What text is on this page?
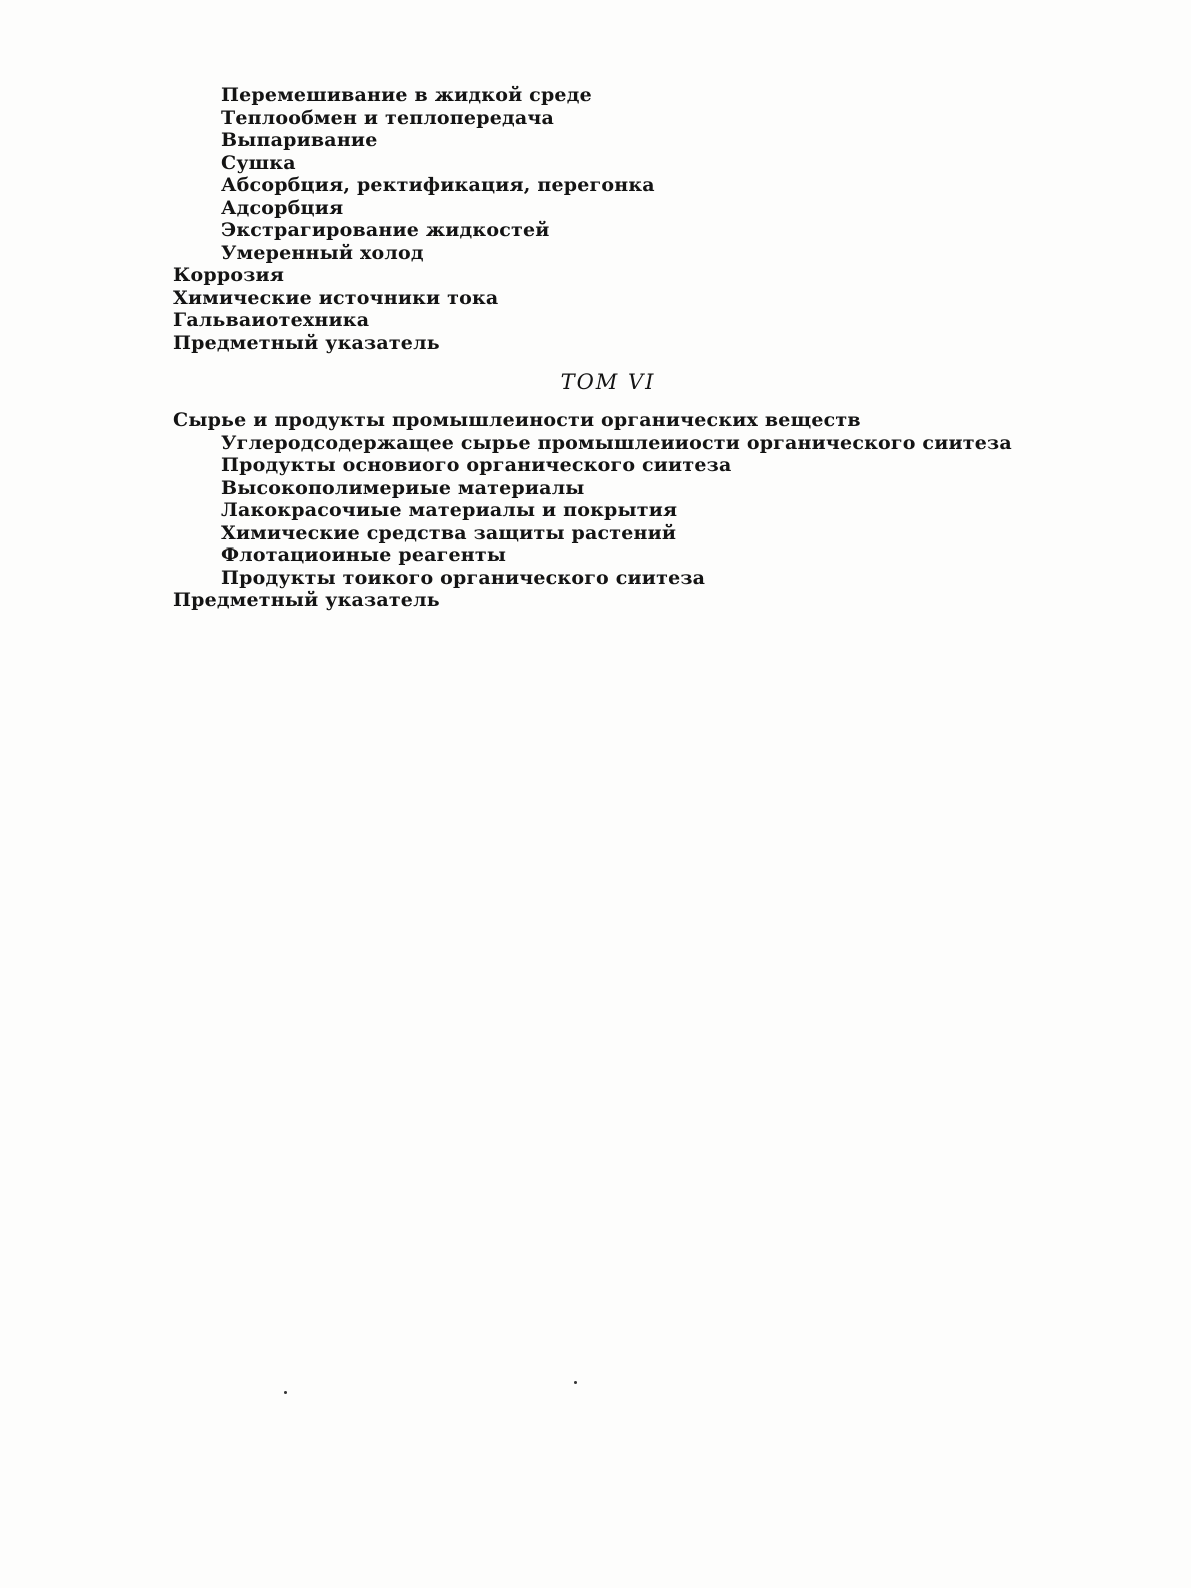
Перемешивание в жидкой среде
Теплообмен и теплопередача
Выпаривание
Сушка
Абсорбция, ректификация, перегонка
Адсорбция
Экстрагирование жидкостей
Умеренный холод
Коррозия
Химические источники тока
Гальваиотехника
Предметный указатель
ТОМ VI
Сырье и продукты промышлеиности органических веществ
Углеродсодержащее сырье промышлеииости органического сиитеза
Продукты основиого органического сиитеза
Высокополимериые материалы
Лакокрасочиые материалы и покрытия
Химические средства защиты растений
Флотациоиные реагенты
Продукты тоикого органического сиитеза
Предметный указатель
